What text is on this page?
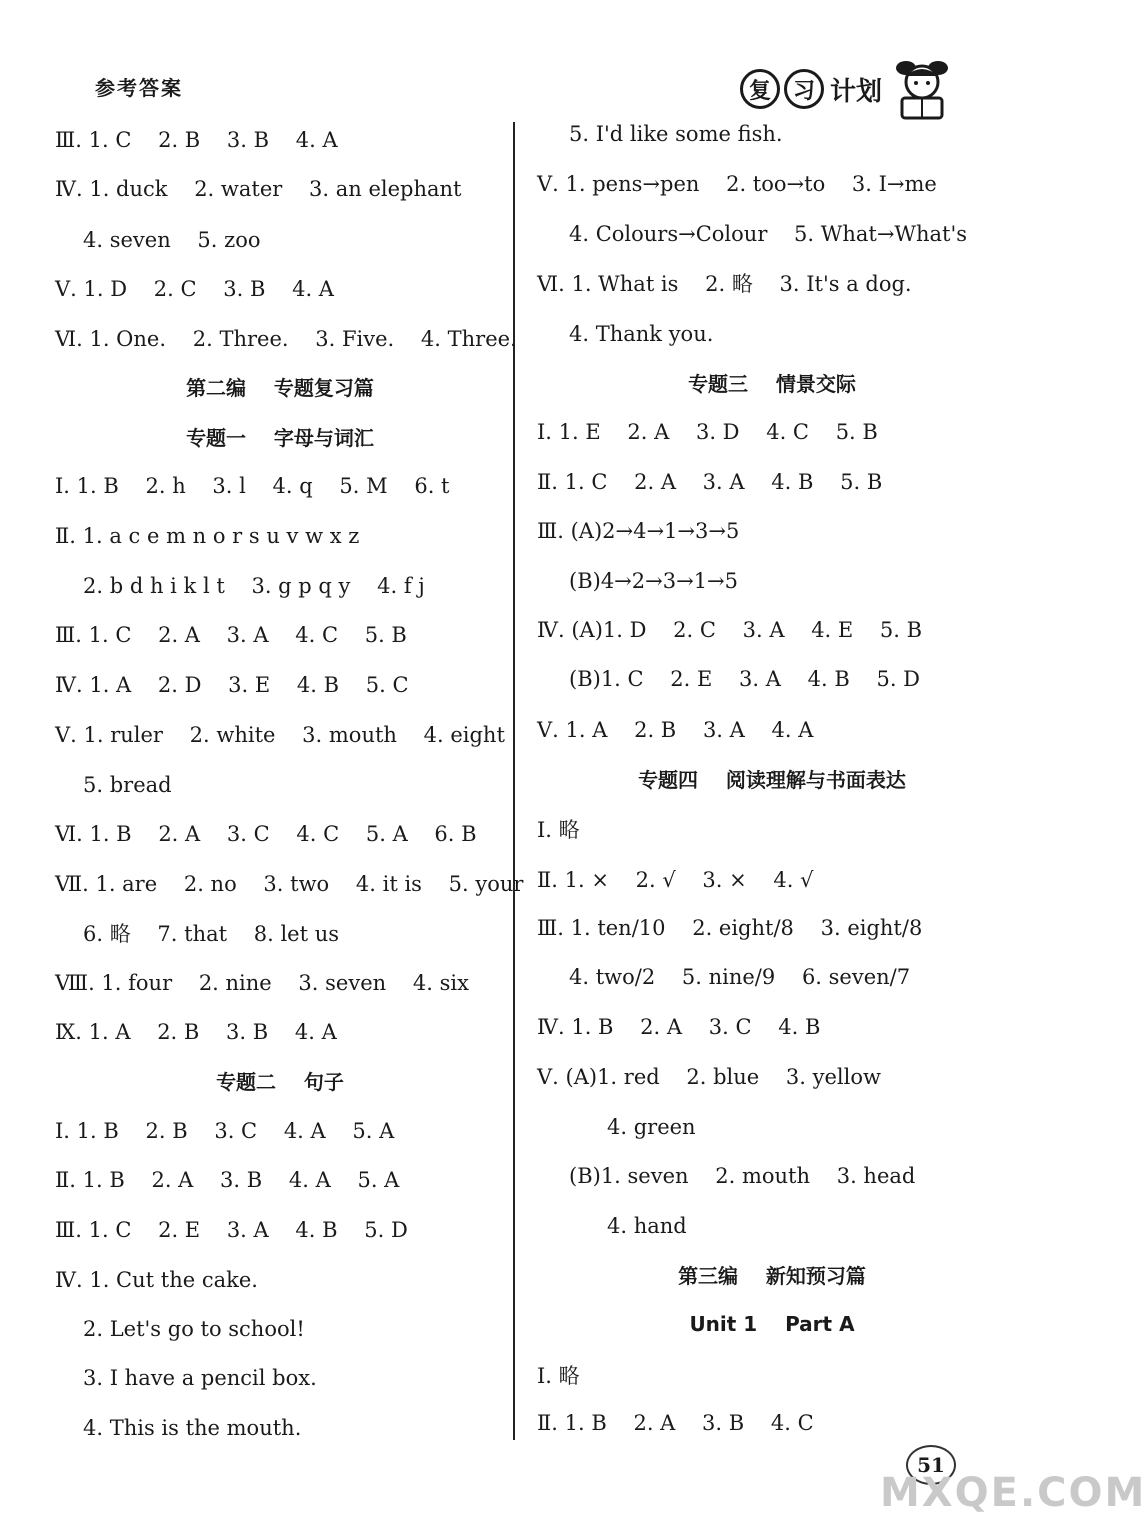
参考答案	复 习 计划
Ⅲ. 1. C    2. B    3. B    4. A
Ⅳ. 1. duck    2. water    3. an elephant
4. seven    5. zoo
Ⅴ. 1. D    2. C    3. B    4. A
Ⅵ. 1. One.    2. Three.    3. Five.    4. Three.
第二编    专题复习篇
专题一    字母与词汇
Ⅰ. 1. B    2. h    3. l    4. q    5. M    6. t
Ⅱ. 1. a c e m n o r s u v w x z
2. b d h i k l t    3. g p q y    4. f j
Ⅲ. 1. C    2. A    3. A    4. C    5. B
Ⅳ. 1. A    2. D    3. E    4. B    5. C
Ⅴ. 1. ruler    2. white    3. mouth    4. eight
5. bread
Ⅵ. 1. B    2. A    3. C    4. C    5. A    6. B
Ⅶ. 1. are    2. no    3. two    4. it is    5. your
6. 略    7. that    8. let us
Ⅷ. 1. four    2. nine    3. seven    4. six
Ⅸ. 1. A    2. B    3. B    4. A
专题二    句子
Ⅰ. 1. B    2. B    3. C    4. A    5. A
Ⅱ. 1. B    2. A    3. B    4. A    5. A
Ⅲ. 1. C    2. E    3. A    4. B    5. D
Ⅳ. 1. Cut the cake.
2. Let's go to school!
3. I have a pencil box.
4. This is the mouth.
5. I'd like some fish.
Ⅴ. 1. pens→pen    2. too→to    3. I→me
4. Colours→Colour    5. What→What's
Ⅵ. 1. What is    2. 略    3. It's a dog.
4. Thank you.
专题三    情景交际
Ⅰ. 1. E    2. A    3. D    4. C    5. B
Ⅱ. 1. C    2. A    3. A    4. B    5. B
Ⅲ. (A)2→4→1→3→5
(B)4→2→3→1→5
Ⅳ. (A)1. D    2. C    3. A    4. E    5. B
(B)1. C    2. E    3. A    4. B    5. D
Ⅴ. 1. A    2. B    3. A    4. A
专题四    阅读理解与书面表达
Ⅰ. 略
Ⅱ. 1. ×    2. √    3. ×    4. √
Ⅲ. 1. ten/10    2. eight/8    3. eight/8
4. two/2    5. nine/9    6. seven/7
Ⅳ. 1. B    2. A    3. C    4. B
Ⅴ. (A)1. red    2. blue    3. yellow
4. green
(B)1. seven    2. mouth    3. head
4. hand
第三编    新知预习篇
Unit 1    Part A
Ⅰ. 略
Ⅱ. 1. B    2. A    3. B    4. C
51
MXQE.COM
